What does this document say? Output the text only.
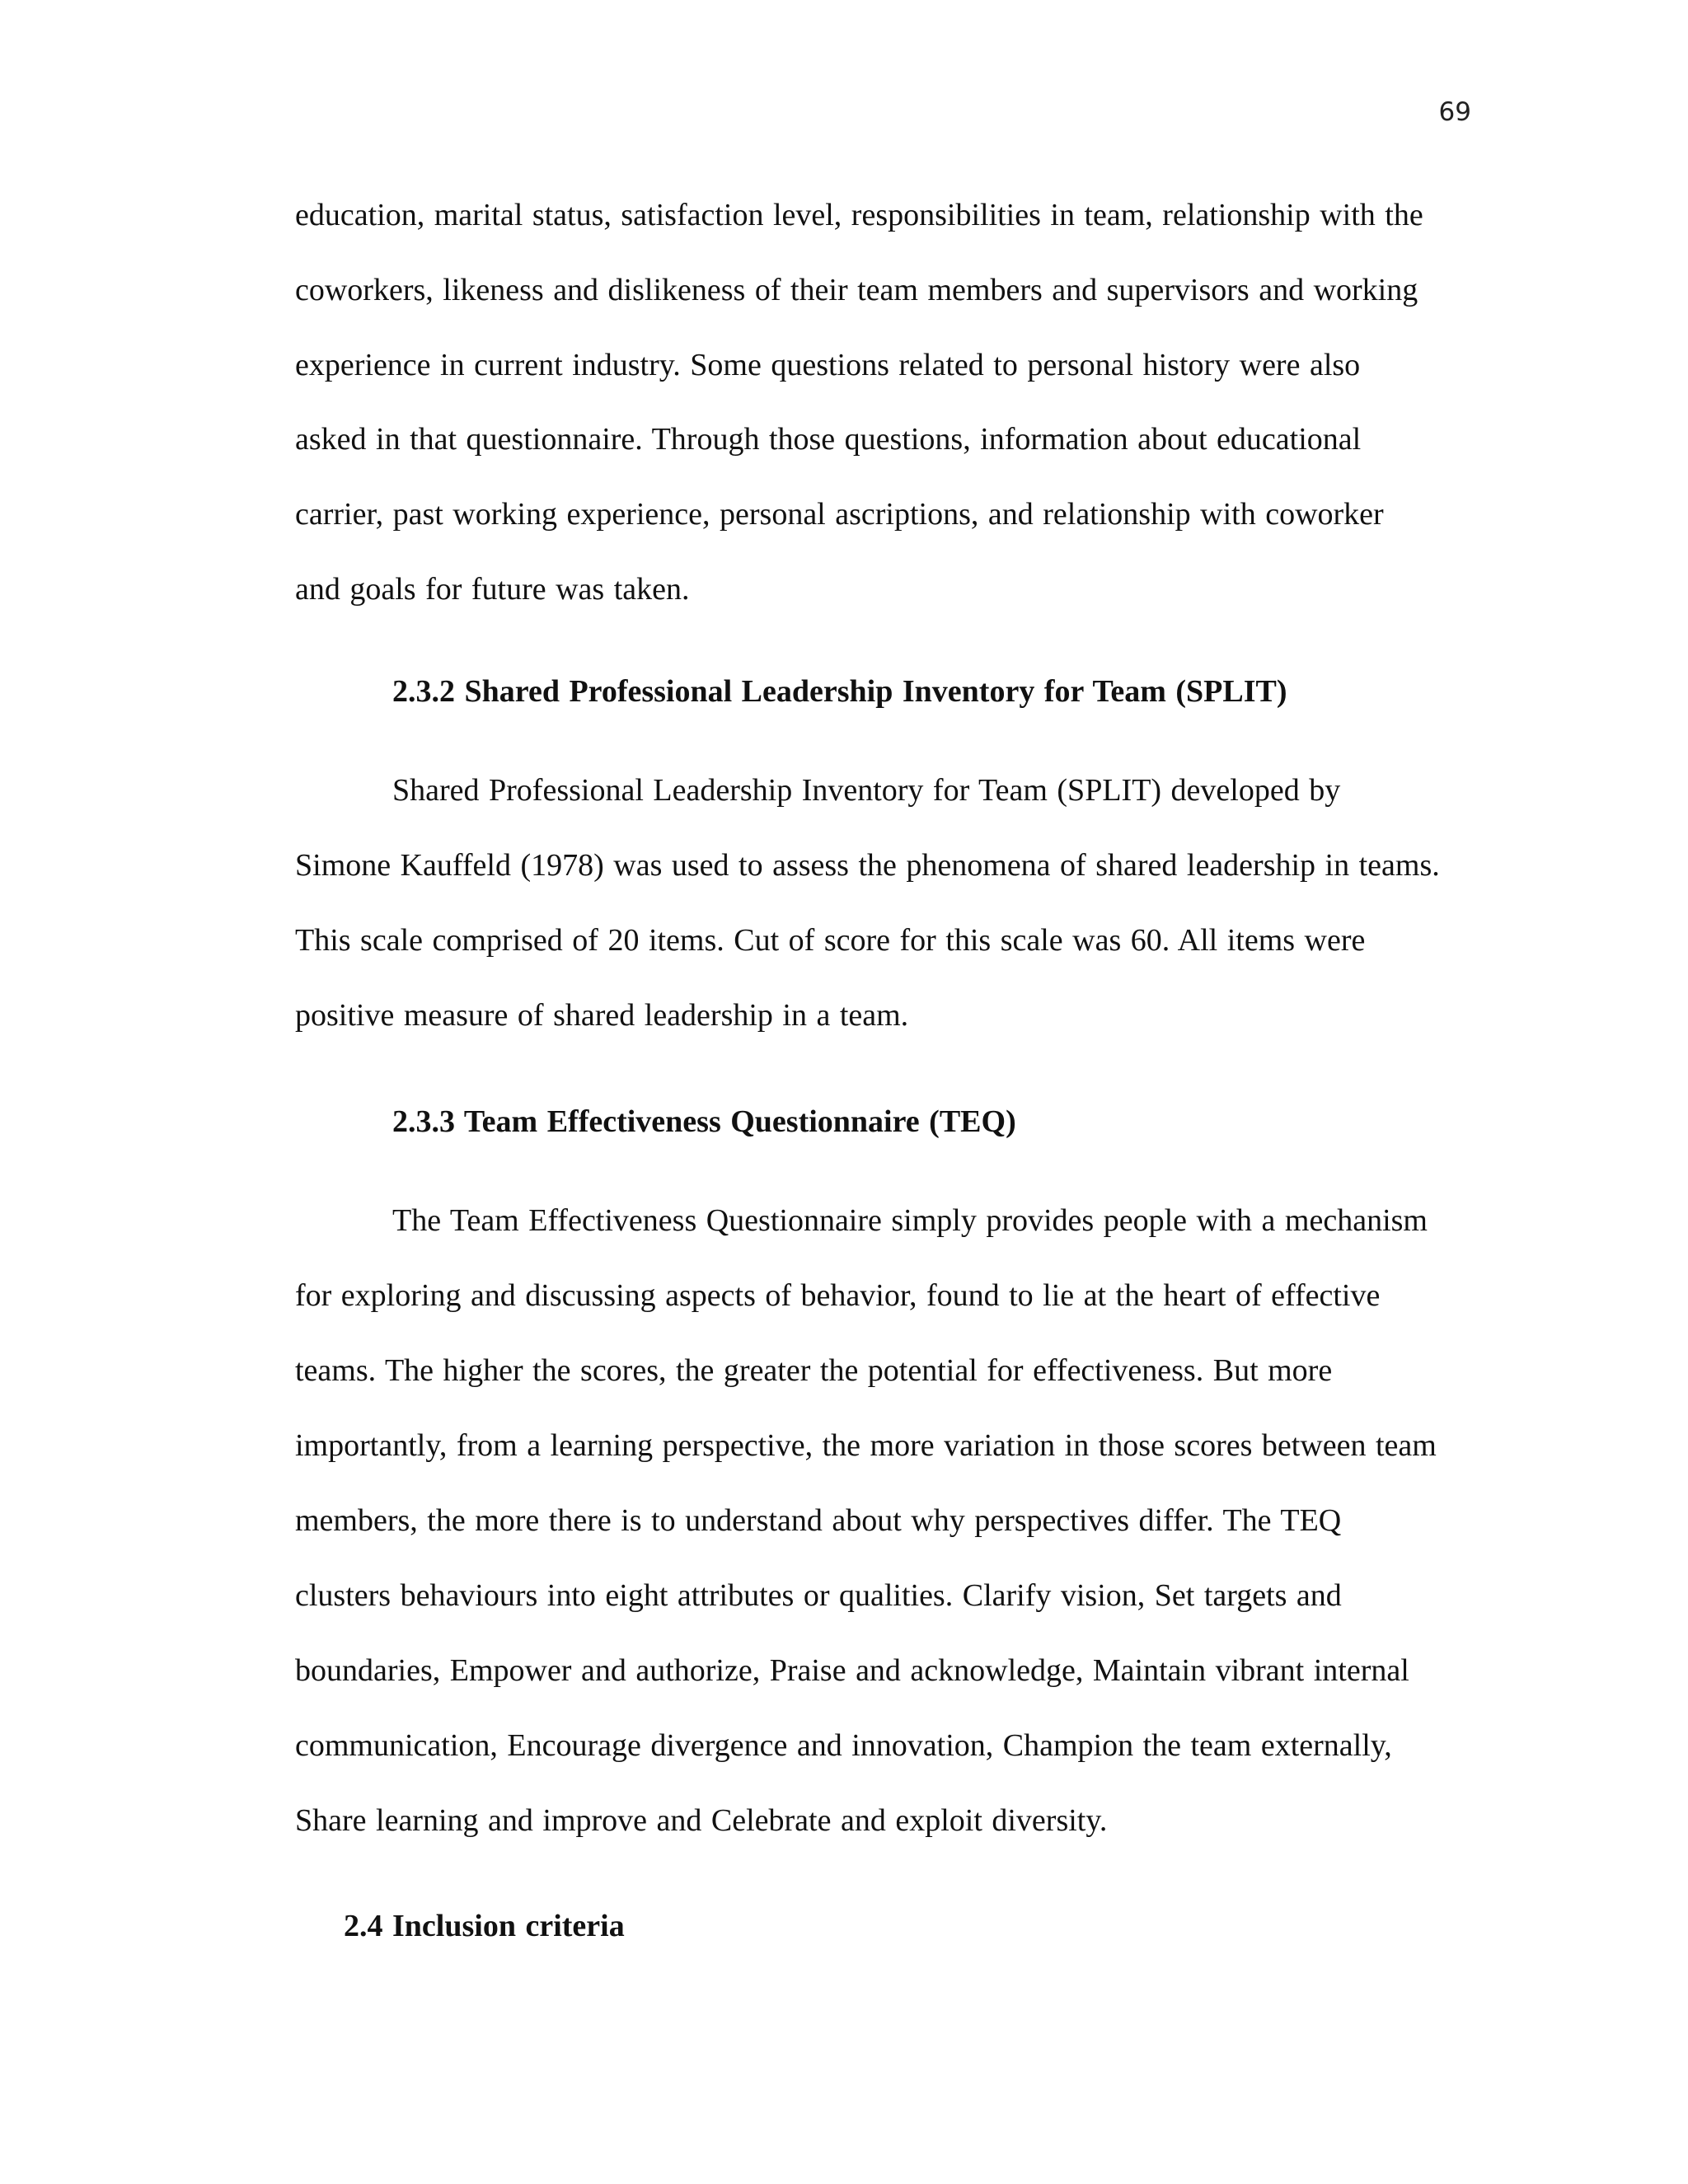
69
education, marital status, satisfaction level, responsibilities in team, relationship with the
coworkers, likeness and dislikeness of their team members and supervisors and working
experience in current industry. Some questions related to personal history were also
asked in that questionnaire. Through those questions, information about educational
carrier, past working experience, personal ascriptions, and relationship with coworker
and goals for future was taken.
2.3.2 Shared Professional Leadership Inventory for Team (SPLIT)
Shared Professional Leadership Inventory for Team (SPLIT) developed by
Simone Kauffeld (1978) was used to assess the phenomena of shared leadership in teams.
This scale comprised of 20 items. Cut of score for this scale was 60. All items were
positive measure of shared leadership in a team.
2.3.3 Team Effectiveness Questionnaire (TEQ)
The Team Effectiveness Questionnaire simply provides people with a mechanism
for exploring and discussing aspects of behavior, found to lie at the heart of effective
teams. The higher the scores, the greater the potential for effectiveness. But more
importantly, from a learning perspective, the more variation in those scores between team
members, the more there is to understand about why perspectives differ. The TEQ
clusters behaviours into eight attributes or qualities. Clarify vision, Set targets and
boundaries, Empower and authorize, Praise and acknowledge, Maintain vibrant internal
communication, Encourage divergence and innovation, Champion the team externally,
Share learning and improve and Celebrate and exploit diversity.
2.4 Inclusion criteria
